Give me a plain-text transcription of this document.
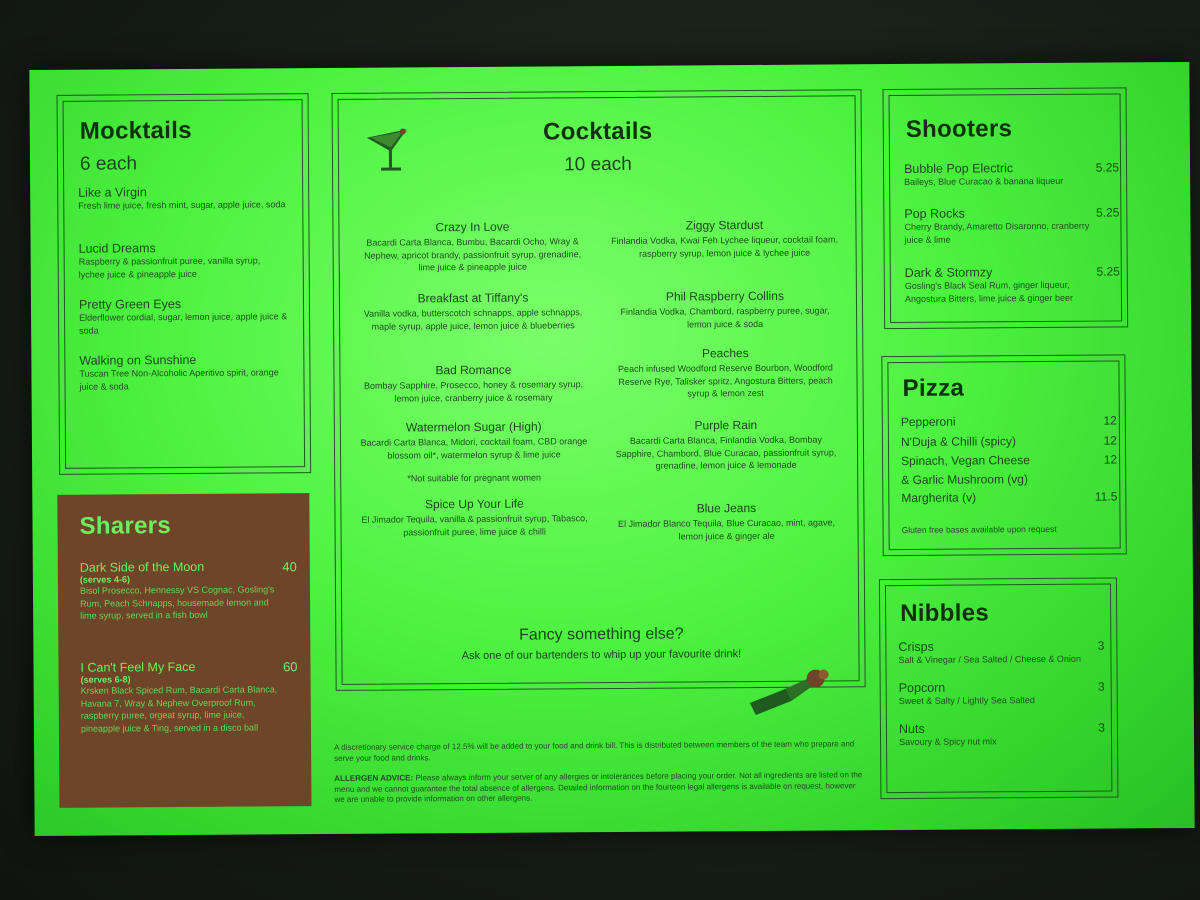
Mocktails
6 each
Like a Virgin
Fresh lime juice, fresh mint, sugar, apple juice, soda
Lucid Dreams
Raspberry & passionfruit puree, vanilla syrup, lychee juice & pineapple juice
Pretty Green Eyes
Elderflower cordial, sugar, lemon juice, apple juice & soda
Walking on Sunshine
Tuscan Tree Non-Alcoholic Aperitivo spirit, orange juice & soda
Sharers
Dark Side of the Moon	40
(serves 4-6)
Bisol Prosecco, Hennessy VS Cognac, Gosling's Rum, Peach Schnapps, housemade lemon and lime syrup, served in a fish bowl
I Can't Feel My Face	60
(serves 6-8)
Krsken Black Spiced Rum, Bacardi Carta Blanca, Havana 7, Wray & Nephew Overproof Rum, raspberry puree, orgeat syrup, lime juice, pineapple juice & Ting, served in a disco ball
Cocktails
10 each
Crazy In Love
Bacardi Carta Blanca, Bumbu, Bacardi Ocho, Wray & Nephew, apricot brandy, passionfruit syrup, grenadine, lime juice & pineapple juice
Breakfast at Tiffany's
Vanilla vodka, butterscotch schnapps, apple schnapps, maple syrup, apple juice, lemon juice & blueberries
Bad Romance
Bombay Sapphire, Prosecco, honey & rosemary syrup, lemon juice, cranberry juice & rosemary
Watermelon Sugar (High)
Bacardi Carta Blanca, Midori, cocktail foam, CBD orange blossom oil*, watermelon syrup & lime juice
*Not suitable for pregnant women
Spice Up Your Life
El Jimador Tequila, vanilla & passionfruit syrup, Tabasco, passionfruit puree, lime juice & chilli
Ziggy Stardust
Finlandia Vodka, Kwai Feh Lychee liqueur, cocktail foam, raspberry syrup, lemon juice & lychee juice
Phil Raspberry Collins
Finlandia Vodka, Chambord, raspberry puree, sugar, lemon juice & soda
Peaches
Peach infused Woodford Reserve Bourbon, Woodford Reserve Rye, Talisker spritz, Angostura Bitters, peach syrup & lemon zest
Purple Rain
Bacardi Carta Blanca, Finlandia Vodka, Bombay Sapphire, Chambord, Blue Curacao, passionfruit syrup, grenadine, lemon juice & lemonade
Blue Jeans
El Jimador Blanco Tequila, Blue Curacao, mint, agave, lemon juice & ginger ale
Fancy something else?
Ask one of our bartenders to whip up your favourite drink!
Shooters
Bubble Pop Electric	5.25
Baileys, Blue Curacao & banana liqueur
Pop Rocks	5.25
Cherry Brandy, Amaretto Disaronno, cranberry juice & lime
Dark & Stormzy	5.25
Gosling's Black Seal Rum, ginger liqueur, Angostura Bitters, lime juice & ginger beer
Pizza
Pepperoni	12
N'Duja & Chilli (spicy)	12
Spinach, Vegan Cheese	12
& Garlic Mushroom (vg)
Margherita (v)	11.5
Gluten free bases available upon request
Nibbles
Crisps	3
Salt & Vinegar / Sea Salted / Cheese & Onion
Popcorn	3
Sweet & Salty / Lightly Sea Salted
Nuts	3
Savoury & Spicy nut mix
A discretionary service charge of 12.5% will be added to your food and drink bill. This is distributed between members of the team who prepare and serve your food and drinks.
ALLERGEN ADVICE: Please always inform your server of any allergies or intolerances before placing your order. Not all ingredients are listed on the menu and we cannot guarantee the total absence of allergens. Detailed information on the fourteen legal allergens is available on request, however we are unable to provide information on other allergens.
